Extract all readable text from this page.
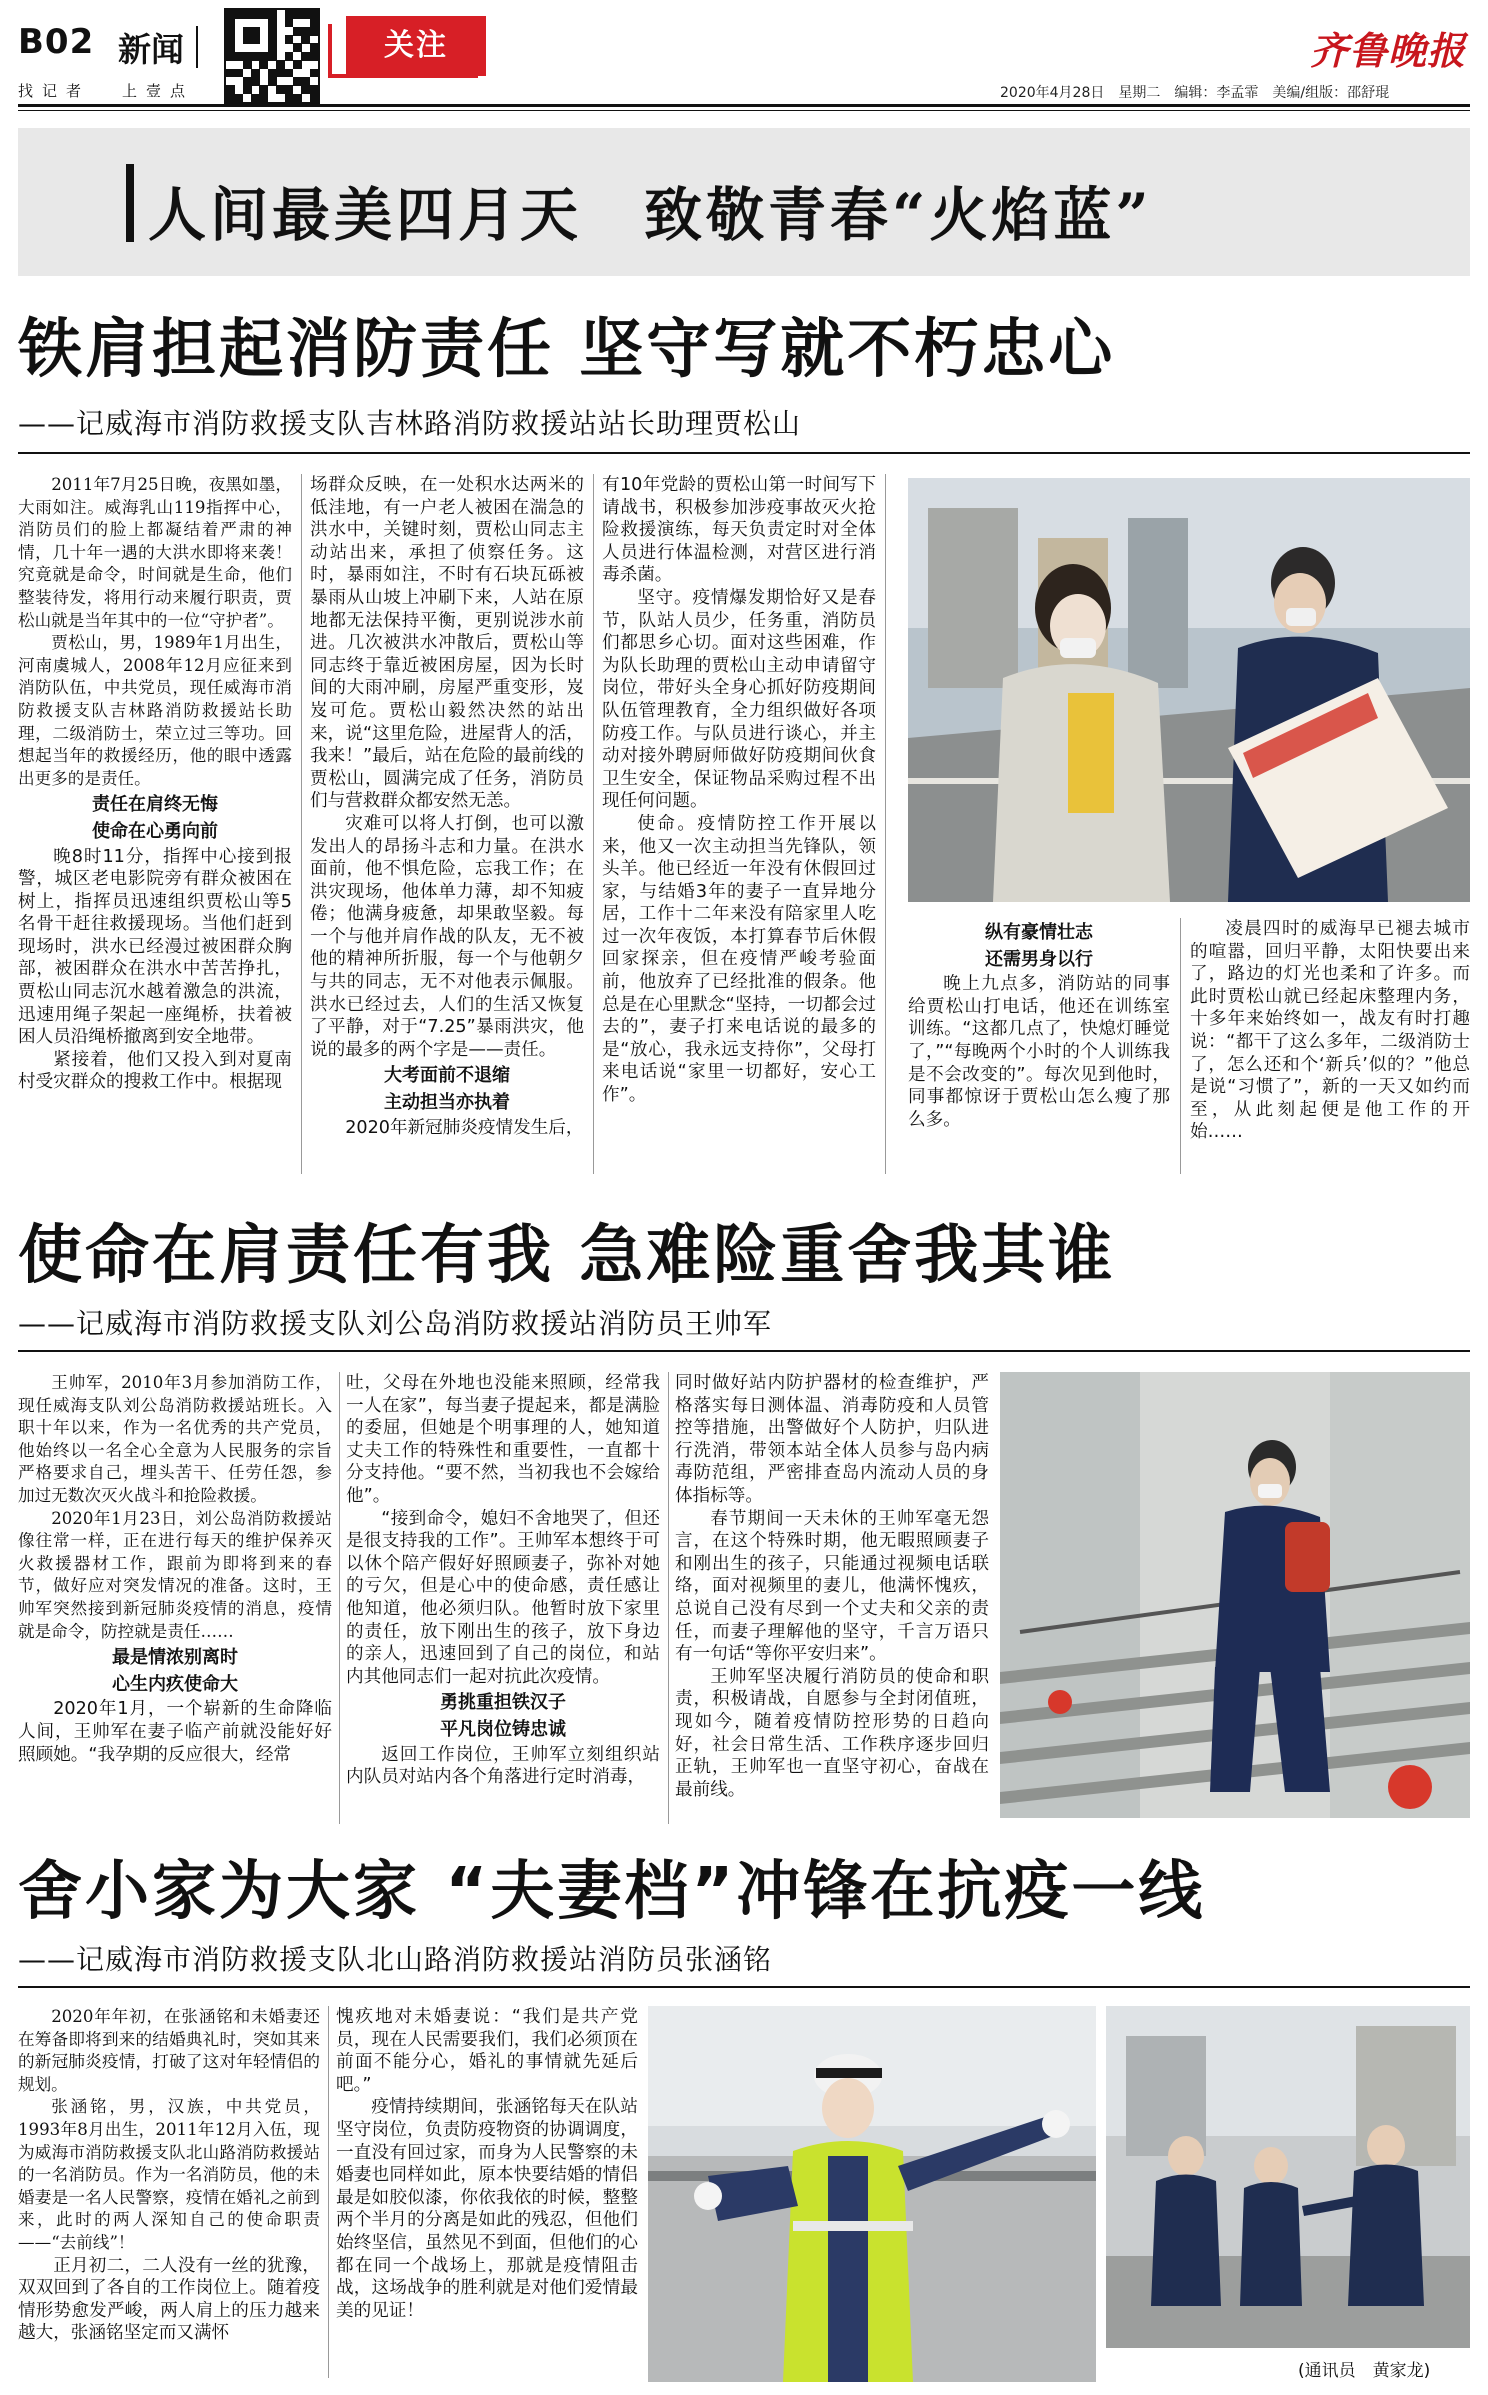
B02 新闻
找记者 上壹点
关注	齐鲁晚报
2020年4月28日　星期二　编辑：李孟霏　美编/组版：邵舒琨
人间最美四月天　致敬青春“火焰蓝”
铁肩担起消防责任 坚守写就不朽忠心
——记威海市消防救援支队吉林路消防救援站站长助理贾松山

2011年7月25日晚，夜黑如墨，大雨如注。威海乳山119指挥中心，消防员们的脸上都凝结着严肃的神情，几十年一遇的大洪水即将来袭！究竟就是命令，时间就是生命，他们整装待发，将用行动来履行职责，贾松山就是当年其中的一位“守护者”。

贾松山，男，1989年1月出生，河南虞城人，2008年12月应征来到消防队伍，中共党员，现任威海市消防救援支队吉林路消防救援站长助理，二级消防士，荣立过三等功。回想起当年的救援经历，他的眼中透露出更多的是责任。

责任在肩终无悔

使命在心勇向前

晚8时11分，指挥中心接到报警，城区老电影院旁有群众被困在树上，指挥员迅速组织贾松山等5名骨干赶往救援现场。当他们赶到现场时，洪水已经漫过被困群众胸部，被困群众在洪水中苦苦挣扎，贾松山同志沉水越着激急的洪流，迅速用绳子架起一座绳桥，扶着被困人员沿绳桥撤离到安全地带。

紧接着，他们又投入到对夏南村受灾群众的搜救工作中。根据现

场群众反映，在一处积水达两米的低洼地，有一户老人被困在湍急的洪水中，关键时刻，贾松山同志主动站出来，承担了侦察任务。这时，暴雨如注，不时有石块瓦砾被暴雨从山坡上冲刷下来，人站在原地都无法保持平衡，更别说涉水前进。几次被洪水冲散后，贾松山等同志终于靠近被困房屋，因为长时间的大雨冲刷，房屋严重变形，岌岌可危。贾松山毅然决然的站出来，说“这里危险，进屋背人的活，我来！”最后，站在危险的最前线的贾松山，圆满完成了任务，消防员们与营救群众都安然无恙。

灾难可以将人打倒，也可以激发出人的昂扬斗志和力量。在洪水面前，他不惧危险，忘我工作；在洪灾现场，他体单力薄，却不知疲倦；他满身疲惫，却果敢坚毅。每一个与他并肩作战的队友，无不被他的精神所折服，每一个与他朝夕与共的同志，无不对他表示佩服。洪水已经过去，人们的生活又恢复了平静，对于“7.25”暴雨洪灾，他说的最多的两个字是——责任。

大考面前不退缩

主动担当亦执着

2020年新冠肺炎疫情发生后，

有10年党龄的贾松山第一时间写下请战书，积极参加涉疫事故灭火抢险救援演练，每天负责定时对全体人员进行体温检测，对营区进行消毒杀菌。

坚守。疫情爆发期恰好又是春节，队站人员少，任务重，消防员们都思乡心切。面对这些困难，作为队长助理的贾松山主动申请留守岗位，带好头全身心抓好防疫期间队伍管理教育，全力组织做好各项防疫工作。与队员进行谈心，并主动对接外聘厨师做好防疫期间伙食卫生安全，保证物品采购过程不出现任何问题。

使命。疫情防控工作开展以来，他又一次主动担当先锋队，领头羊。他已经近一年没有休假回过家，与结婚3年的妻子一直异地分居，工作十二年来没有陪家里人吃过一次年夜饭，本打算春节后休假回家探亲，但在疫情严峻考验面前，他放弃了已经批准的假条。他总是在心里默念“坚持，一切都会过去的”，妻子打来电话说的最多的是“放心，我永远支持你”，父母打来电话说“家里一切都好，安心工作”。

纵有豪情壮志

还需男身以行

晚上九点多，消防站的同事给贾松山打电话，他还在训练室训练。“这都几点了，快熄灯睡觉了，”“每晚两个小时的个人训练我是不会改变的”。每次见到他时，同事都惊讶于贾松山怎么瘦了那么多。

凌晨四时的威海早已褪去城市的喧嚣，回归平静，太阳快要出来了，路边的灯光也柔和了许多。而此时贾松山就已经起床整理内务，十多年来始终如一，战友有时打趣说：“都干了这么多年，二级消防士了，怎么还和个‘新兵’似的？”他总是说“习惯了”，新的一天又如约而至，从此刻起便是他工作的开始……

使命在肩责任有我 急难险重舍我其谁
——记威海市消防救援支队刘公岛消防救援站消防员王帅军

王帅军，2010年3月参加消防工作，现任威海支队刘公岛消防救援站班长。入职十年以来，作为一名优秀的共产党员，他始终以一名全心全意为人民服务的宗旨严格要求自己，埋头苦干、任劳任怨，参加过无数次灭火战斗和抢险救援。

2020年1月23日，刘公岛消防救援站像往常一样，正在进行每天的维护保养灭火救援器材工作，跟前为即将到来的春节，做好应对突发情况的准备。这时，王帅军突然接到新冠肺炎疫情的消息，疫情就是命令，防控就是责任……

最是情浓别离时

心生内疚使命大

2020年1月，一个崭新的生命降临人间，王帅军在妻子临产前就没能好好照顾她。“我孕期的反应很大，经常

吐，父母在外地也没能来照顾，经常我一人在家”，每当妻子提起来，都是满脸的委屈，但她是个明事理的人，她知道丈夫工作的特殊性和重要性，一直都十分支持他。“要不然，当初我也不会嫁给他”。

“接到命令，媳妇不舍地哭了，但还是很支持我的工作”。王帅军本想终于可以休个陪产假好好照顾妻子，弥补对她的亏欠，但是心中的使命感，责任感让他知道，他必须归队。他暂时放下家里的责任，放下刚出生的孩子，放下身边的亲人，迅速回到了自己的岗位，和站内其他同志们一起对抗此次疫情。

勇挑重担铁汉子

平凡岗位铸忠诚

返回工作岗位，王帅军立刻组织站内队员对站内各个角落进行定时消毒，

同时做好站内防护器材的检查维护，严格落实每日测体温、消毒防疫和人员管控等措施，出警做好个人防护，归队进行洗消，带领本站全体人员参与岛内病毒防范组，严密排查岛内流动人员的身体指标等。

春节期间一天未休的王帅军毫无怨言，在这个特殊时期，他无暇照顾妻子和刚出生的孩子，只能通过视频电话联络，面对视频里的妻儿，他满怀愧疚，总说自己没有尽到一个丈夫和父亲的责任，而妻子理解他的坚守，千言万语只有一句话“等你平安归来”。

王帅军坚决履行消防员的使命和职责，积极请战，自愿参与全封闭值班，现如今，随着疫情防控形势的日趋向好，社会日常生活、工作秩序逐步回归正轨，王帅军也一直坚守初心，奋战在最前线。

舍小家为大家 “夫妻档”冲锋在抗疫一线
——记威海市消防救援支队北山路消防救援站消防员张涵铭

2020年年初，在张涵铭和未婚妻还在筹备即将到来的结婚典礼时，突如其来的新冠肺炎疫情，打破了这对年轻情侣的规划。

张涵铭，男，汉族，中共党员，1993年8月出生，2011年12月入伍，现为威海市消防救援支队北山路消防救援站的一名消防员。作为一名消防员，他的未婚妻是一名人民警察，疫情在婚礼之前到来，此时的两人深知自己的使命职责——“去前线”！

正月初二，二人没有一丝的犹豫，双双回到了各自的工作岗位上。随着疫情形势愈发严峻，两人肩上的压力越来越大，张涵铭坚定而又满怀

愧疚地对未婚妻说：“我们是共产党员，现在人民需要我们，我们必须顶在前面不能分心，婚礼的事情就先延后吧。”

疫情持续期间，张涵铭每天在队站坚守岗位，负责防疫物资的协调调度，一直没有回过家，而身为人民警察的未婚妻也同样如此，原本快要结婚的情侣最是如胶似漆，你依我依的时候，整整两个半月的分离是如此的残忍，但他们始终坚信，虽然见不到面，但他们的心都在同一个战场上，那就是疫情阻击战，这场战争的胜利就是对他们爱情最美的见证！

(通讯员　黄家龙)
